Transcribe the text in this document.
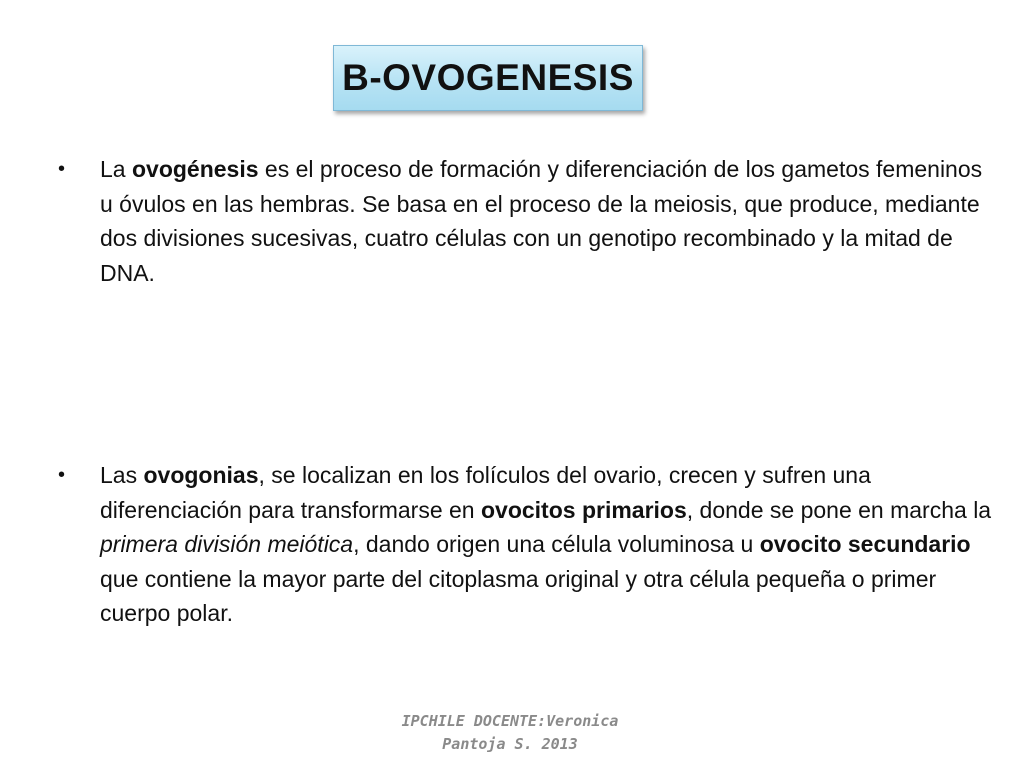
B-OVOGENESIS
•	La ovogénesis es el proceso de formación y diferenciación de los gametos femeninos u óvulos en las hembras. Se basa en el proceso de la meiosis, que produce, mediante dos divisiones sucesivas, cuatro células con un genotipo recombinado y la mitad de DNA.
•	Las ovogonias, se localizan en los folículos del ovario, crecen y sufren una diferenciación para transformarse en ovocitos primarios, donde se pone en marcha la primera división meiótica, dando origen una célula voluminosa u ovocito secundario que contiene la mayor parte del citoplasma original y otra célula pequeña o primer cuerpo polar.
IPCHILE DOCENTE:Veronica
Pantoja S. 2013
